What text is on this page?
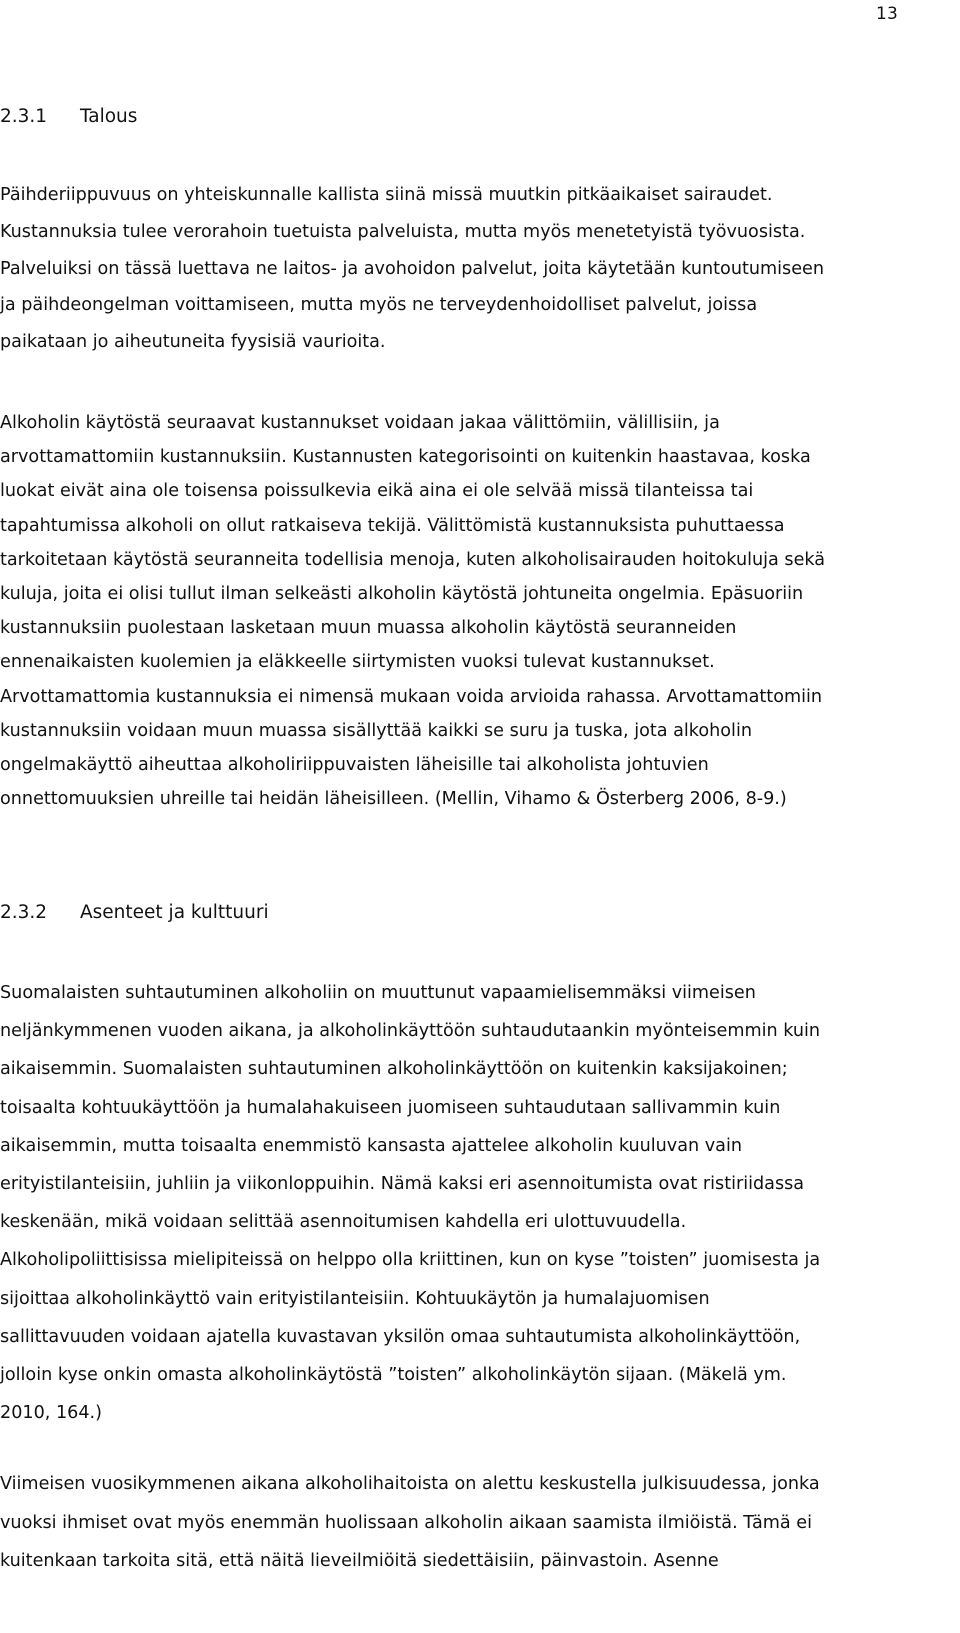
13
2.3.1 Talous
Päihderiippuvuus on yhteiskunnalle kallista siinä missä muutkin pitkäaikaiset sairaudet.
Kustannuksia tulee verorahoin tuetuista palveluista, mutta myös menetetyistä työvuosista.
Palveluiksi on tässä luettava ne laitos- ja avohoidon palvelut, joita käytetään kuntoutumiseen
ja päihdeongelman voittamiseen, mutta myös ne terveydenhoidolliset palvelut, joissa
paikataan jo aiheutuneita fyysisiä vaurioita.
Alkoholin käytöstä seuraavat kustannukset voidaan jakaa välittömiin, välillisiin, ja
arvottamattomiin kustannuksiin. Kustannusten kategorisointi on kuitenkin haastavaa, koska
luokat eivät aina ole toisensa poissulkevia eikä aina ei ole selvää missä tilanteissa tai
tapahtumissa alkoholi on ollut ratkaiseva tekijä. Välittömistä kustannuksista puhuttaessa
tarkoitetaan käytöstä seuranneita todellisia menoja, kuten alkoholisairauden hoitokuluja sekä
kuluja, joita ei olisi tullut ilman selkeästi alkoholin käytöstä johtuneita ongelmia. Epäsuoriin
kustannuksiin puolestaan lasketaan muun muassa alkoholin käytöstä seuranneiden
ennenaikaisten kuolemien ja eläkkeelle siirtymisten vuoksi tulevat kustannukset.
Arvottamattomia kustannuksia ei nimensä mukaan voida arvioida rahassa. Arvottamattomiin
kustannuksiin voidaan muun muassa sisällyttää kaikki se suru ja tuska, jota alkoholin
ongelmakäyttö aiheuttaa alkoholiriippuvaisten läheisille tai alkoholista johtuvien
onnettomuuksien uhreille tai heidän läheisilleen. (Mellin, Vihamo & Österberg 2006, 8-9.)
2.3.2 Asenteet ja kulttuuri
Suomalaisten suhtautuminen alkoholiin on muuttunut vapaamielisemmäksi viimeisen
neljänkymmenen vuoden aikana, ja alkoholinkäyttöön suhtaudutaankin myönteisemmin kuin
aikaisemmin. Suomalaisten suhtautuminen alkoholinkäyttöön on kuitenkin kaksijakoinen;
toisaalta kohtuukäyttöön ja humalahakuiseen juomiseen suhtaudutaan sallivammin kuin
aikaisemmin, mutta toisaalta enemmistö kansasta ajattelee alkoholin kuuluvan vain
erityistilanteisiin, juhliin ja viikonloppuihin. Nämä kaksi eri asennoitumista ovat ristiriidassa
keskenään, mikä voidaan selittää asennoitumisen kahdella eri ulottuvuudella.
Alkoholipoliittisissa mielipiteissä on helppo olla kriittinen, kun on kyse ”toisten” juomisesta ja
sijoittaa alkoholinkäyttö vain erityistilanteisiin. Kohtuukäytön ja humalajuomisen
sallittavuuden voidaan ajatella kuvastavan yksilön omaa suhtautumista alkoholinkäyttöön,
jolloin kyse onkin omasta alkoholinkäytöstä ”toisten” alkoholinkäytön sijaan. (Mäkelä ym.
2010, 164.)
Viimeisen vuosikymmenen aikana alkoholihaitoista on alettu keskustella julkisuudessa, jonka
vuoksi ihmiset ovat myös enemmän huolissaan alkoholin aikaan saamista ilmiöistä. Tämä ei
kuitenkaan tarkoita sitä, että näitä lieveilmiöitä siedettäisiin, päinvastoin. Asenne
